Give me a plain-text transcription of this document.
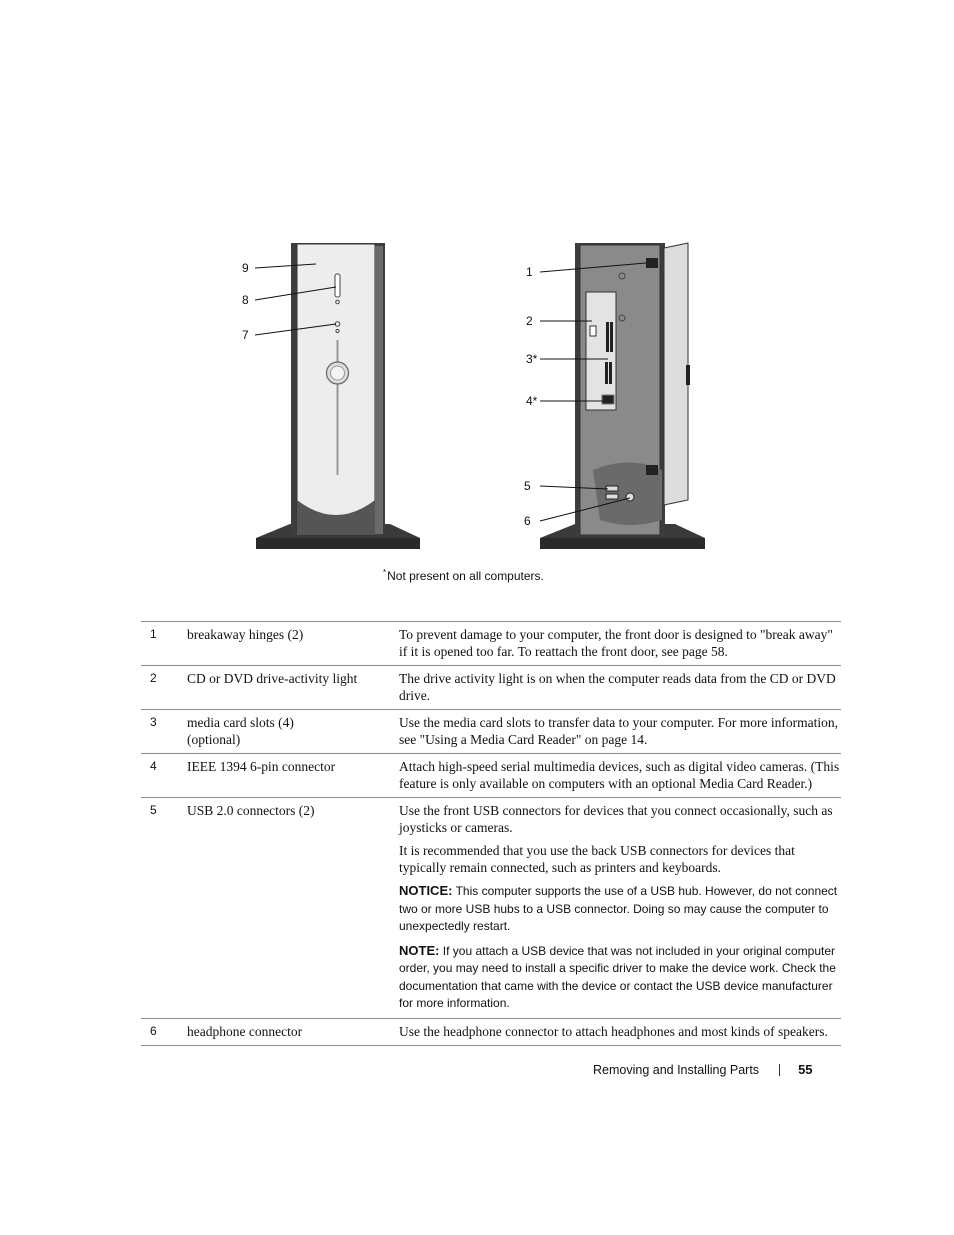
9
8
7
1
2
3*
4*
5
6
*Not present on all computers.
1	breakaway hinges (2)	To prevent damage to your computer, the front door is designed to "break away" if it is opened too far. To reattach the front door, see page 58.

2	CD or DVD drive-activity light	The drive activity light is on when the computer reads data from the CD or DVD drive.

3	media card slots (4) (optional)	Use the media card slots to transfer data to your computer. For more information, see "Using a Media Card Reader" on page 14.

4	IEEE 1394 6-pin connector	Attach high-speed serial multimedia devices, such as digital video cameras. (This feature is only available on computers with an optional Media Card Reader.)

5	USB 2.0 connectors (2)	Use the front USB connectors for devices that you connect occasionally, such as joysticks or cameras.

It is recommended that you use the back USB connectors for devices that typically remain connected, such as printers and keyboards.

NOTICE: This computer supports the use of a USB hub. However, do not connect two or more USB hubs to a USB connector. Doing so may cause the computer to unexpectedly restart.

NOTE: If you attach a USB device that was not included in your original computer order, you may need to install a specific driver to make the device work. Check the documentation that came with the device or contact the USB device manufacturer for more information.

6	headphone connector	Use the headphone connector to attach headphones and most kinds of speakers.

Removing and Installing Parts	55
